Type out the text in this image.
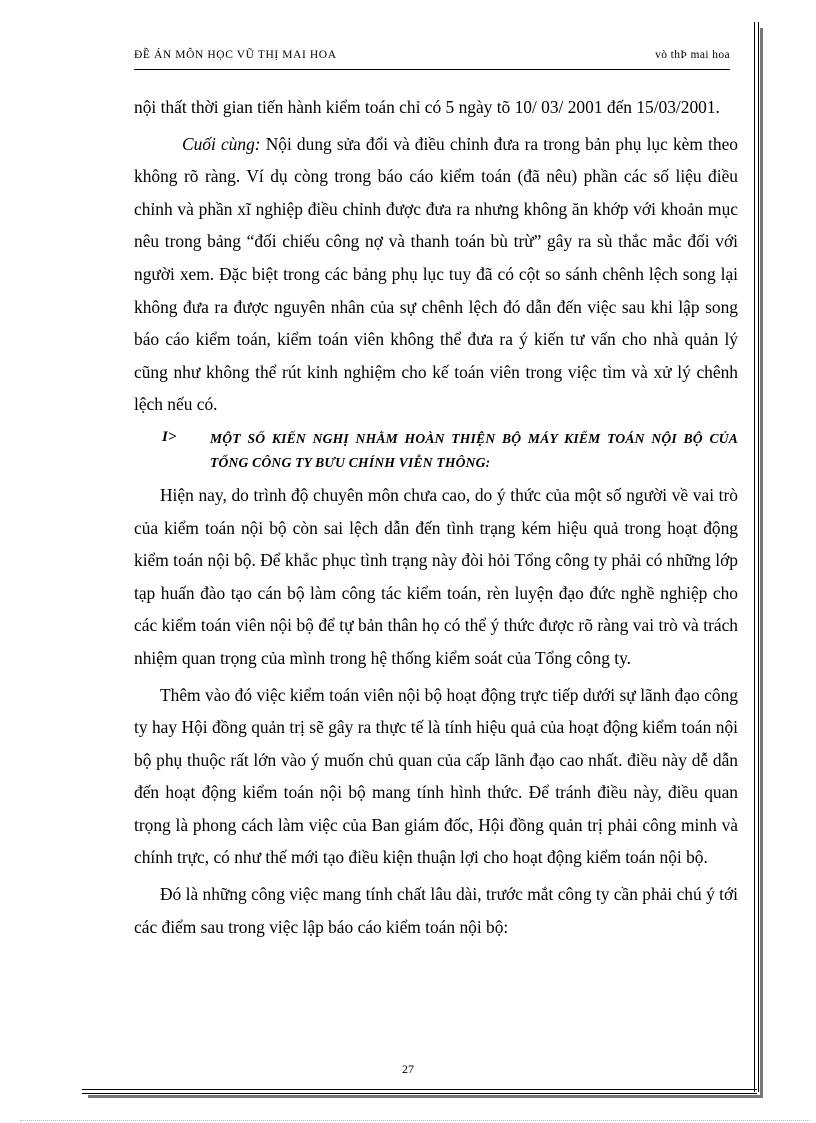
ĐỀ ÁN MÔN HỌC VŨ THỊ MAI HOA	vò thÞ mai hoa

nội thất thời gian tiến hành kiểm toán chỉ có 5 ngày tõ 10/ 03/ 2001 đến 15/03/2001.

Cuối cùng: Nội dung sửa đổi và điều chỉnh đưa ra trong bản phụ lục kèm theo không rõ ràng. Ví dụ còng trong báo cáo kiểm toán (đã nêu) phần các số liệu điều chỉnh và phần xĩ nghiệp điều chỉnh được đưa ra nhưng không ăn khớp với khoản mục nêu trong bảng “đối chiếu công nợ và thanh toán bù trừ” gây ra sù thắc mắc đối với người xem. Đặc biệt trong các bảng phụ lục tuy đã có cột so sánh chênh lệch song lại không đưa ra được nguyên nhân của sự chênh lệch đó dẫn đến việc sau khi lập song báo cáo kiểm toán, kiểm toán viên không thể đưa ra ý kiến tư vấn cho nhà quản lý cũng như không thể rút kinh nghiệm cho kế toán viên trong việc tìm và xử lý chênh lệch nếu có.

I> MỘT SỐ KIẾN NGHỊ NHẰM HOÀN THIỆN BỘ MÁY KIỂM TOÁN NỘI BỘ CỦA TỔNG CÔNG TY BƯU CHÍNH VIỄN THÔNG:

Hiện nay, do trình độ chuyên môn chưa cao, do ý thức của một số người về vai trò của kiểm toán nội bộ còn sai lệch dẫn đến tình trạng kém hiệu quả trong hoạt động kiểm toán nội bộ. Để khắc phục tình trạng này đòi hỏi Tổng công ty phải có những lớp tạp huấn đào tạo cán bộ làm công tác kiểm toán, rèn luyện đạo đức nghề nghiệp cho các kiểm toán viên nội bộ để tự bản thân họ có thể ý thức được rõ ràng vai trò và trách nhiệm quan trọng của mình trong hệ thống kiểm soát của Tổng công ty.

Thêm vào đó việc kiểm toán viên nội bộ hoạt động trực tiếp dưới sự lãnh đạo công ty hay Hội đồng quản trị sẽ gây ra thực tế là tính hiệu quả của hoạt động kiểm toán nội bộ phụ thuộc rất lớn vào ý muốn chủ quan của cấp lãnh đạo cao nhất. điều này dễ dẫn đến hoạt động kiểm toán nội bộ mang tính hình thức. Để tránh điều này, điều quan trọng là phong cách làm việc của Ban giám đốc, Hội đồng quản trị phải công minh và chính trực, có như thế mới tạo điều kiện thuận lợi cho hoạt động kiểm toán nội bộ.

Đó là những công việc mang tính chất lâu dài, trước mắt công ty cần phải chú ý tới các điểm sau trong việc lập báo cáo kiểm toán nội bộ:

27
